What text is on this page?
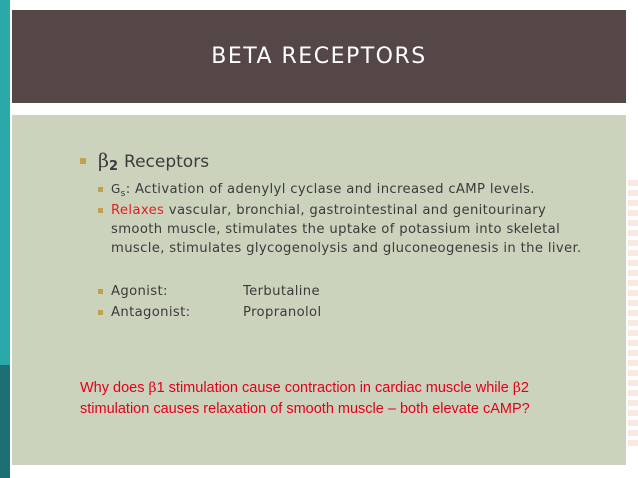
BETA RECEPTORS
β 2 Receptors
$G_s$: Activation of adenylyl cyclase and increased cAMP levels.
Relaxes vascular, bronchial, gastrointestinal and genitourinary smooth muscle, stimulates the uptake of potassium into skeletal muscle, stimulates glycogenolysis and gluconeogenesis in the liver.
Agonist:	Terbutaline
Antagonist:	Propranolol

Why does β1 stimulation cause contraction in cardiac muscle while β2 stimulation causes relaxation of smooth muscle – both elevate cAMP?
